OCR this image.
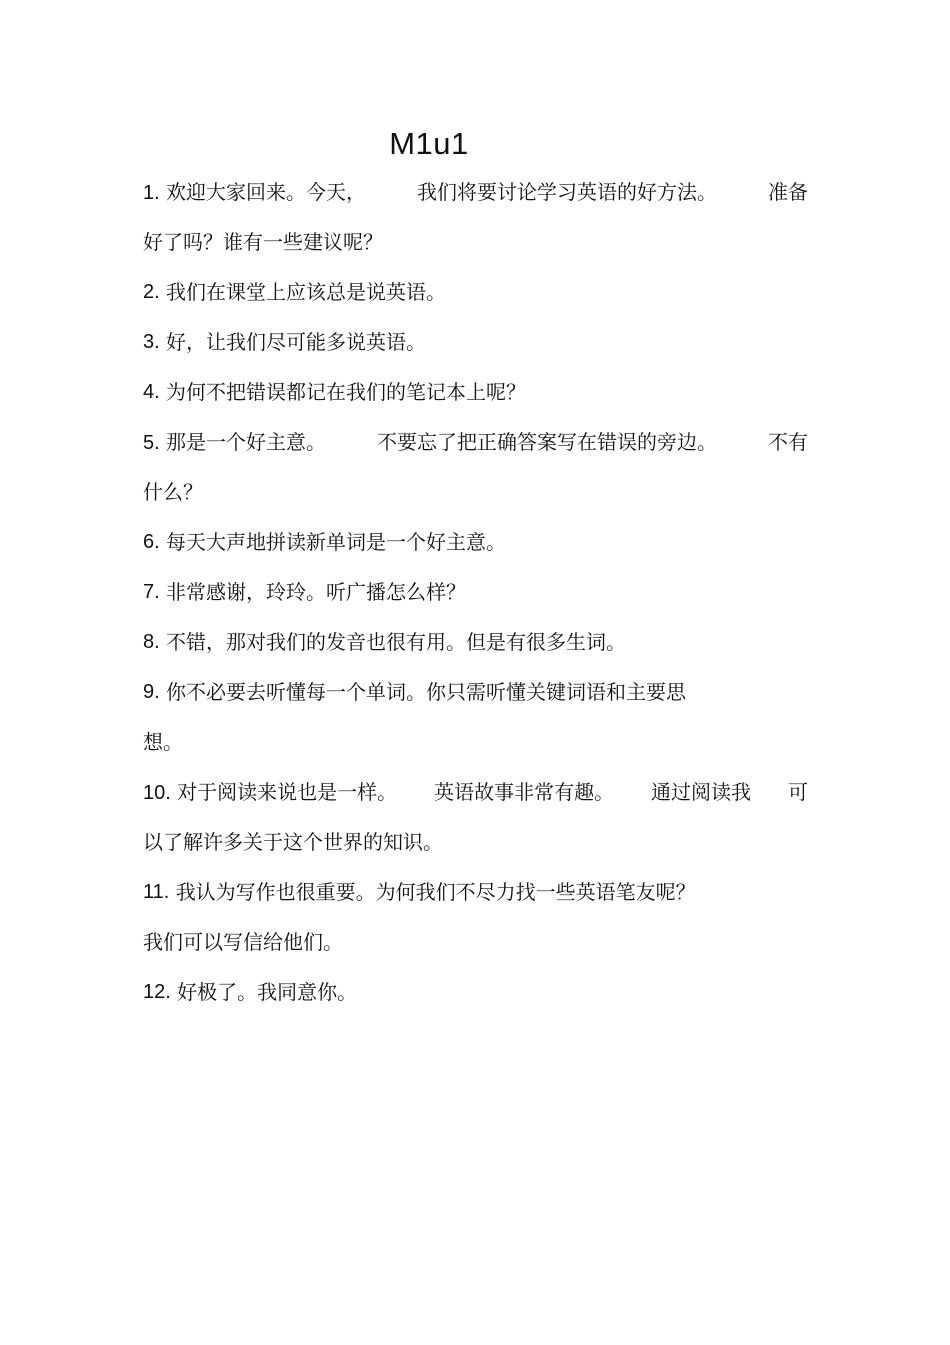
M1u1
1. 欢迎大家回来。今天，	我们将要讨论学习英语的好方法。	准备
好了吗？谁有一些建议呢？
2.
我们在课堂上应该总是说英语。
3.
好，让我们尽可能多说英语。
4.
为何不把错误都记在我们的笔记本上呢？
5. 那是一个好主意。	不要忘了把正确答案写在错误的旁边。	不有
什么？
6.
每天大声地拼读新单词是一个好主意。
7.
非常感谢，玲玲。听广播怎么样？
8.
不错，那对我们的发音也很有用。但是有很多生词。
9.
你不必要去听懂每一个单词。你只需听懂关键词语和主要思
想。
10. 对于阅读来说也是一样。 英语故事非常有趣。 通过阅读我 可
以了解许多关于这个世界的知识。
11.
我认为写作也很重要。为何我们不尽力找一些英语笔友呢？
我们可以写信给他们。
12.
好极了。我同意你。
